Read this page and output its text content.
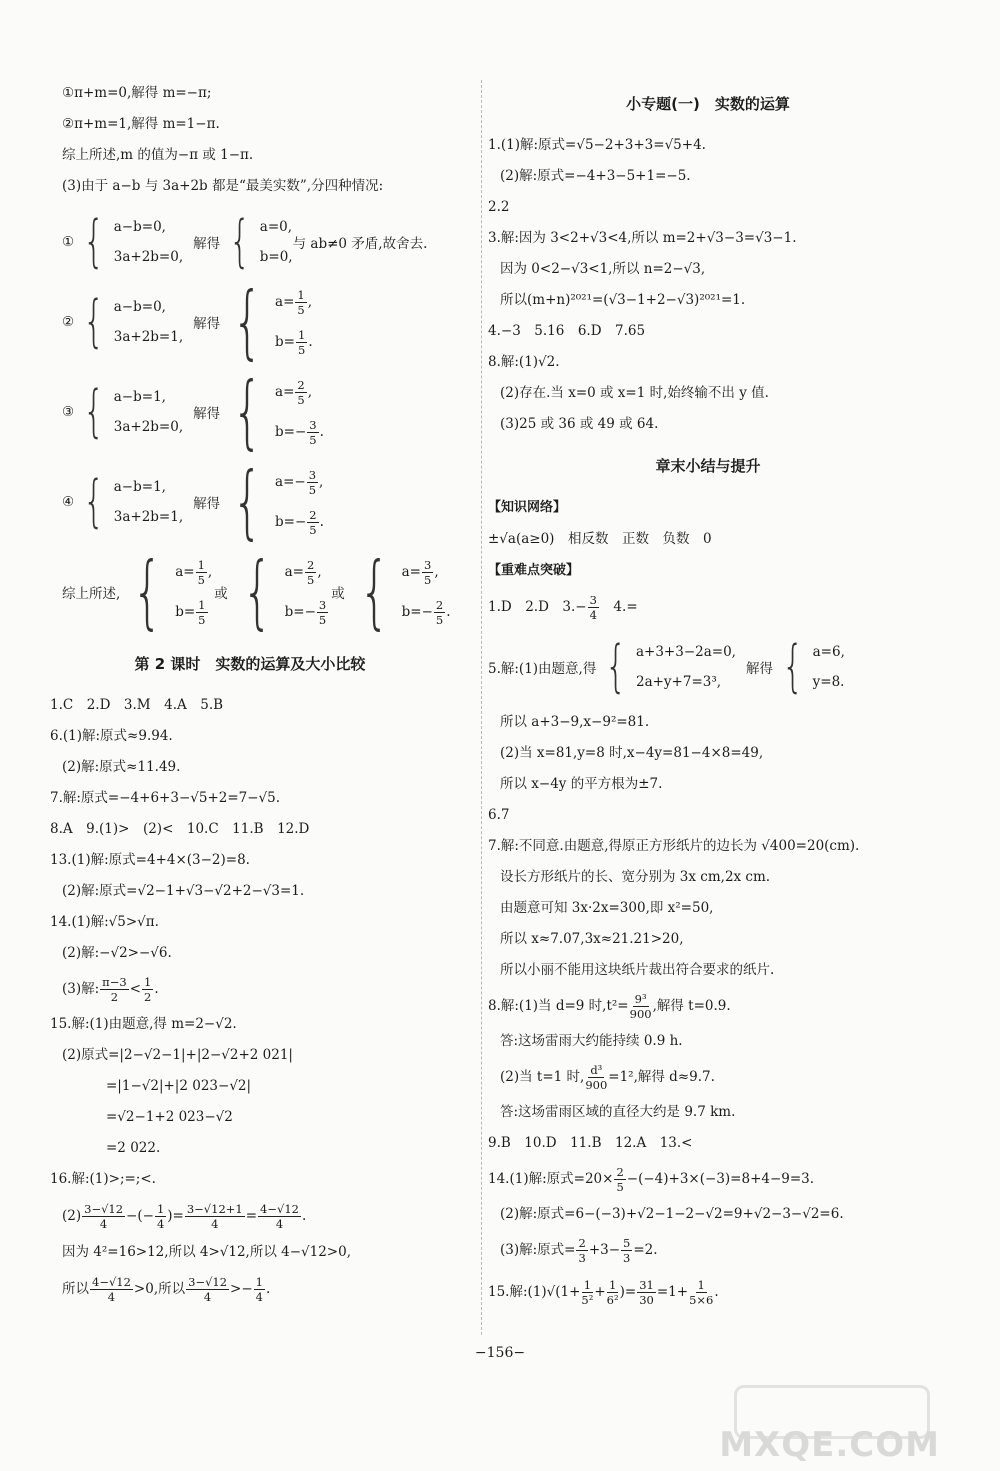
①π+m=0,解得 m=−π;
②π+m=1,解得 m=1−π.
综上所述,m 的值为−π 或 1−π.
(3)由于 a−b 与 3a+2b 都是“最美实数”,分四种情况:
① { a−b=0,
3a+2b=0,
解得 { a=0,
b=0,
与 ab≠0 矛盾,故舍去.
② { a−b=0,
3a+2b=1,
解得 { $a= \frac{1}{5}$ ,
$b= \frac{1}{5}$ .
③ { a−b=1,
3a+2b=0,
解得 { $a= \frac{2}{5}$ ,
$b=- \frac{3}{5}$ .
④ { a−b=1,
3a+2b=1,
解得 { $a=- \frac{3}{5}$ ,
$b=- \frac{2}{5}$ .
综上所述, { $a= \frac{1}{5}$ ,
$b= \frac{1}{5}$
或 { $a= \frac{2}{5}$ ,
$b=- \frac{3}{5}$
或 { $a= \frac{3}{5}$ ,
$b=- \frac{2}{5}$ .
第 2 课时　实数的运算及大小比较
1.C　2.D　3.M　4.A　5.B
6.(1)解:原式≈9.94.
(2)解:原式≈11.49.
7.解:原式=−4+6+3−√5+2=7−√5.
8.A　9.(1)>　(2)<　10.C　11.B　12.D
13.(1)解:原式=4+4×(3−2)=8.
(2)解:原式=√2−1+√3−√2+2−√3=1.
14.(1)解:√5>√π.
(2)解:−√2>−√6.
(3)解: $\frac{\pi-3}{2} < \frac{1}{2}$ .
15.解:(1)由题意,得 m=2−√2.
(2)原式=|2−√2−1|+|2−√2+2 021|
=|1−√2|+|2 023−√2|
=√2−1+2 023−√2
=2 022.
16.解:(1)>;=;<.
$(2) \frac{3-√12}{4}$ −(− $\frac{1}{4}$ )= $\frac{3-√12+1}{4} = \frac{4-√12}{4}$ .
因为 4²=16>12,所以 4>√12,所以 4−√12>0,
所以 $\frac{4-√12}{4} >0$,所以 $\frac{3-√12}{4} >- \frac{1}{4}$ .
小专题(一)　实数的运算
1.(1)解:原式=√5−2+3+3=√5+4.
(2)解:原式=−4+3−5+1=−5.
2.2
3.解:因为 3<2+√3<4,所以 m=2+√3−3=√3−1.
因为 0<2−√3<1,所以 n=2−√3,
所以(m+n)²⁰²¹=(√3−1+2−√3)²⁰²¹=1.
4.−3　5.16　6.D　7.65
8.解:(1)√2.
(2)存在.当 x=0 或 x=1 时,始终输不出 y 值.
(3)25 或 36 或 49 或 64.
章末小结与提升
【知识网络】
±√a(a≥0)　相反数　正数　负数　0
【重难点突破】
1.D　2.D　$3.- \frac{3}{4}$ 　4.=
5.解:(1)由题意,得 { a+3+3−2a=0,
2a+y+7=3³,
解得 { a=6,
y=8.
所以 a+3−9,x−9²=81.
(2)当 x=81,y=8 时,x−4y=81−4×8=49,
所以 x−4y 的平方根为±7.
6.7
7.解:不同意.由题意,得原正方形纸片的边长为 √400=20(cm).
设长方形纸片的长、宽分别为 3x cm,2x cm.
由题意可知 3x·2x=300,即 x²=50,
所以 x≈7.07,3x≈21.21>20,
所以小丽不能用这块纸片裁出符合要求的纸片.
8.解:(1)当 d=9 时$,t^2= \frac{\text{9³}}{900}$ ,解得 t=0.9.
答:这场雷雨大约能持续 0.9 h.
(2)当 t=1 时, $\frac{\text{d³}}{900} =1^2$,解得 d≈9.7.
答:这场雷雨区域的直径大约是 9.7 km.
9.B　10.D　11.B　12.A　13.<
14.(1)解:原式$=20\times \frac{2}{5} -(-4)+3\times(-3)=8+4-9=3$.
(2)解:原式=6−(−3)+√2−1−2−√2=9+√2−3−√2=6.
(3)解:原式= $\frac{2}{3} +3- \frac{5}{3} =2$.
15.解:(1)√(1+ $\frac{1}{\text{5²}} + \frac{1}{\text{6²}}$ )= $\frac{31}{30} =1+ \frac{1}{5\times 6}$ .
−156−
MXQE.COM
